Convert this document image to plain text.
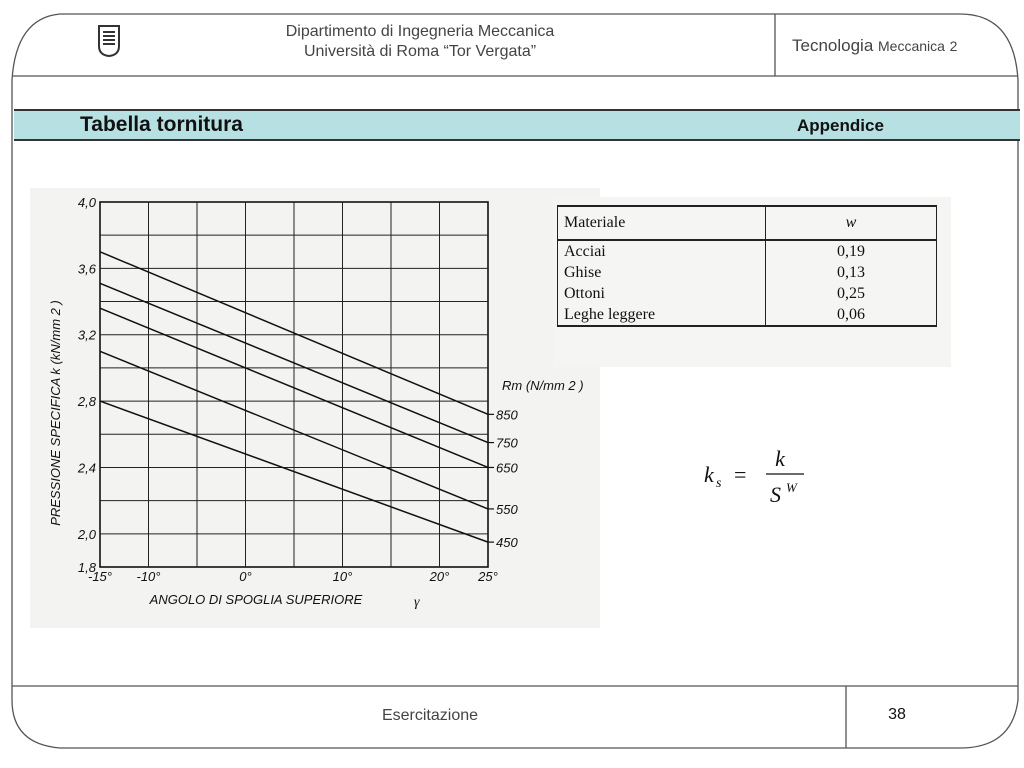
Dipartimento di Ingegneria Meccanica
Università di Roma “Tor Vergata”	Tecnologia Meccanica 2
Tabella tornitura	Appendice
1,8
2,0
2,4
2,8
3,2
3,6
4,0
-15° -10°	0°	10°	20° 25°
850
750
650
550
450
PRESSIONE SPECIFICA k (kN/mm 2 )
ANGOLO DI SPOGLIA SUPERIORE	γ
Rm (N/mm 2 )
Materiale	w
Acciai	0,19
Ghise	0,13
Ottoni	0,25
Leghe leggere	0,06
k s =
k
S W
Esercitazione	38
